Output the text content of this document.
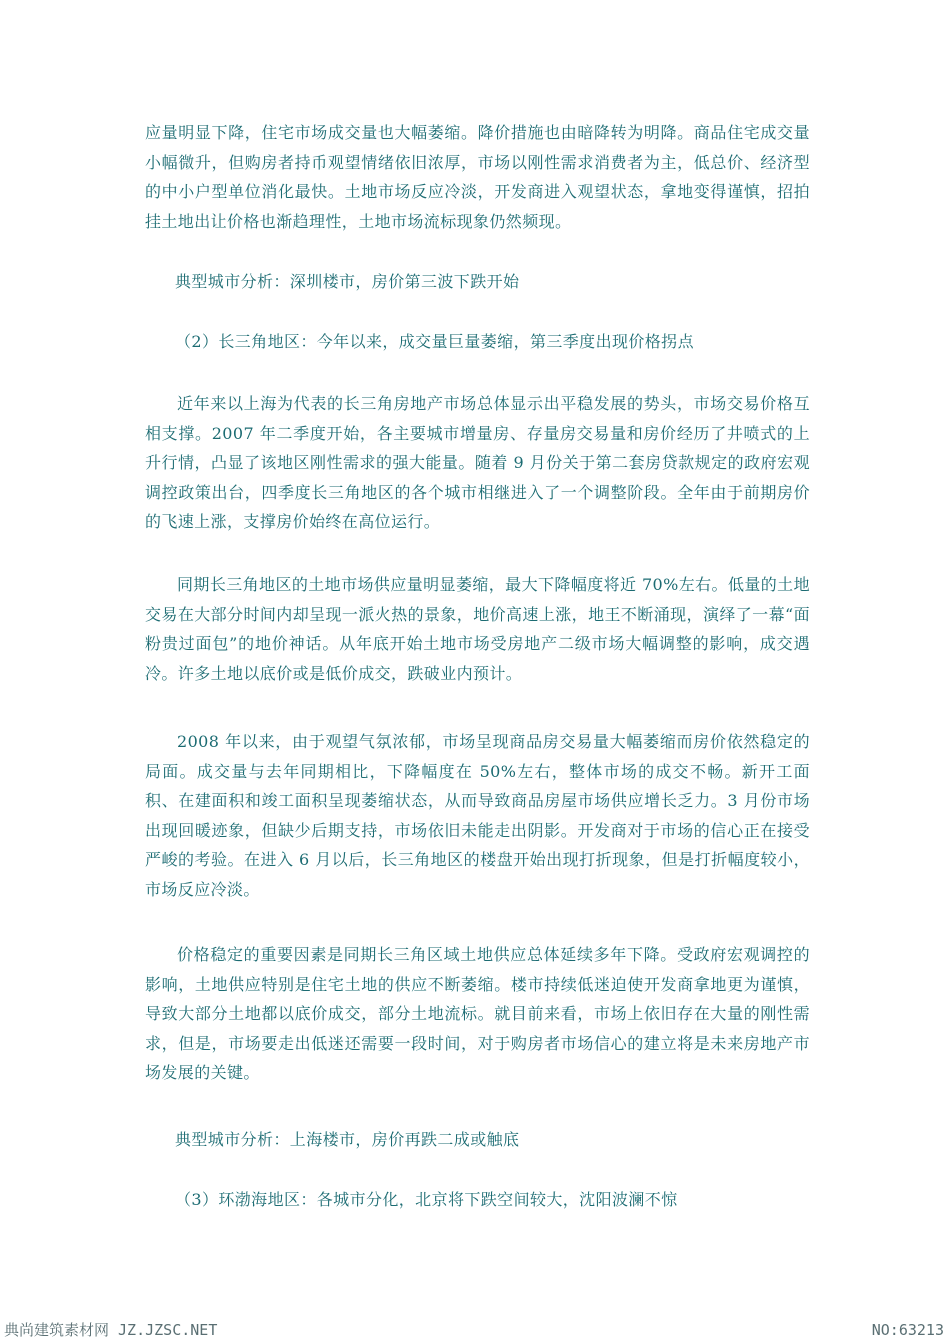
应量明显下降，住宅市场成交量也大幅萎缩。降价措施也由暗降转为明降。商品住宅成交量小幅微升，但购房者持币观望情绪依旧浓厚，市场以刚性需求消费者为主，低总价、经济型的中小户型单位消化最快。土地市场反应冷淡，开发商进入观望状态，拿地变得谨慎，招拍挂土地出让价格也渐趋理性，土地市场流标现象仍然频现。

典型城市分析：深圳楼市，房价第三波下跌开始
（2）长三角地区：今年以来，成交量巨量萎缩，第三季度出现价格拐点

近年来以上海为代表的长三角房地产市场总体显示出平稳发展的势头，市场交易价格互相支撑。2007 年二季度开始，各主要城市增量房、存量房交易量和房价经历了井喷式的上升行情，凸显了该地区刚性需求的强大能量。随着 9 月份关于第二套房贷款规定的政府宏观调控政策出台，四季度长三角地区的各个城市相继进入了一个调整阶段。全年由于前期房价的飞速上涨，支撑房价始终在高位运行。

同期长三角地区的土地市场供应量明显萎缩，最大下降幅度将近 70%左右。低量的土地交易在大部分时间内却呈现一派火热的景象，地价高速上涨，地王不断涌现，演绎了一幕“面粉贵过面包”的地价神话。从年底开始土地市场受房地产二级市场大幅调整的影响，成交遇冷。许多土地以底价或是低价成交，跌破业内预计。

2008 年以来，由于观望气氛浓郁，市场呈现商品房交易量大幅萎缩而房价依然稳定的局面。成交量与去年同期相比，下降幅度在 50%左右，整体市场的成交不畅。新开工面积、在建面积和竣工面积呈现萎缩状态，从而导致商品房屋市场供应增长乏力。3 月份市场出现回暖迹象，但缺少后期支持，市场依旧未能走出阴影。开发商对于市场的信心正在接受严峻的考验。在进入 6 月以后，长三角地区的楼盘开始出现打折现象，但是打折幅度较小，市场反应冷淡。

价格稳定的重要因素是同期长三角区域土地供应总体延续多年下降。受政府宏观调控的影响，土地供应特别是住宅土地的供应不断萎缩。楼市持续低迷迫使开发商拿地更为谨慎，导致大部分土地都以底价成交，部分土地流标。就目前来看，市场上依旧存在大量的刚性需求，但是，市场要走出低迷还需要一段时间，对于购房者市场信心的建立将是未来房地产市场发展的关键。

典型城市分析：上海楼市，房价再跌二成或触底
（3）环渤海地区：各城市分化，北京将下跌空间较大，沈阳波澜不惊
典尚建筑素材网 JZ.JZSC.NET	NO:63213
